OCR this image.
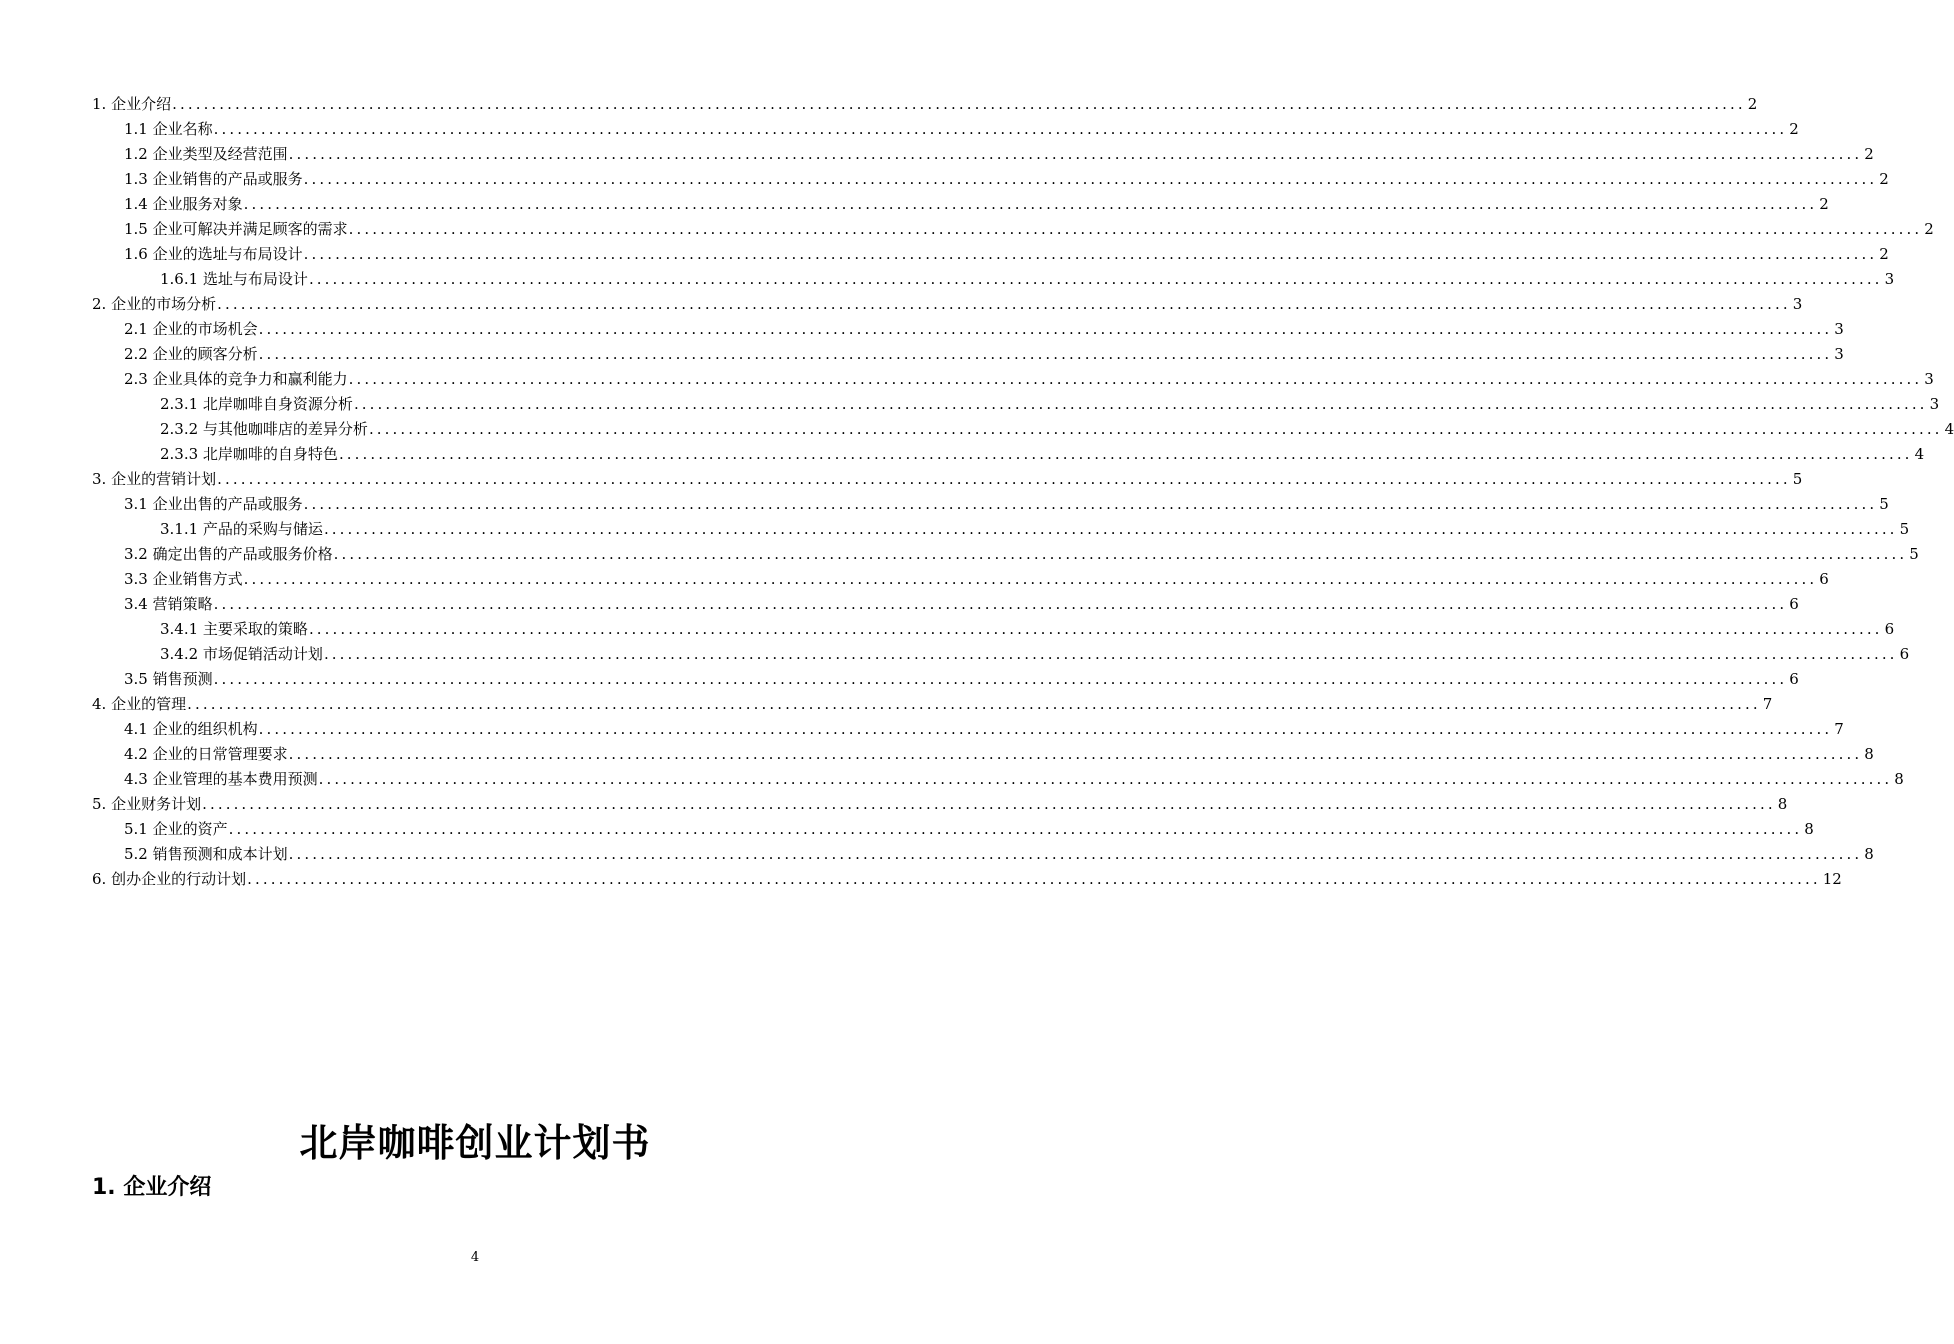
1. 企业介绍 ........................................................................................................................................................................................................ 2
1.1 企业名称 ........................................................................................................................................................................................................ 2
1.2 企业类型及经营范围 ........................................................................................................................................................................................................ 2
1.3 企业销售的产品或服务 ........................................................................................................................................................................................................ 2
1.4 企业服务对象 ........................................................................................................................................................................................................ 2
1.5 企业可解决并满足顾客的需求 ........................................................................................................................................................................................................ 2
1.6 企业的选址与布局设计 ........................................................................................................................................................................................................ 2
1.6.1 选址与布局设计 ........................................................................................................................................................................................................ 3
2. 企业的市场分析 ........................................................................................................................................................................................................ 3
2.1 企业的市场机会 ........................................................................................................................................................................................................ 3
2.2 企业的顾客分析 ........................................................................................................................................................................................................ 3
2.3 企业具体的竞争力和赢利能力 ........................................................................................................................................................................................................ 3
2.3.1 北岸咖啡自身资源分析 ........................................................................................................................................................................................................ 3
2.3.2 与其他咖啡店的差异分析 ........................................................................................................................................................................................................ 4
2.3.3 北岸咖啡的自身特色 ........................................................................................................................................................................................................ 4
3. 企业的营销计划 ........................................................................................................................................................................................................ 5
3.1 企业出售的产品或服务 ........................................................................................................................................................................................................ 5
3.1.1 产品的采购与储运 ........................................................................................................................................................................................................ 5
3.2 确定出售的产品或服务价格 ........................................................................................................................................................................................................ 5
3.3 企业销售方式 ........................................................................................................................................................................................................ 6
3.4 营销策略 ........................................................................................................................................................................................................ 6
3.4.1 主要采取的策略 ........................................................................................................................................................................................................ 6
3.4.2 市场促销活动计划 ........................................................................................................................................................................................................ 6
3.5 销售预测 ........................................................................................................................................................................................................ 6
4. 企业的管理 ........................................................................................................................................................................................................ 7
4.1 企业的组织机构 ........................................................................................................................................................................................................ 7
4.2 企业的日常管理要求 ........................................................................................................................................................................................................ 8
4.3 企业管理的基本费用预测 ........................................................................................................................................................................................................ 8
5. 企业财务计划 ........................................................................................................................................................................................................ 8
5.1 企业的资产 ........................................................................................................................................................................................................ 8
5.2 销售预测和成本计划 ........................................................................................................................................................................................................ 8
6. 创办企业的行动计划 ........................................................................................................................................................................................................ 12
北岸咖啡创业计划书
1. 企业介绍
4
